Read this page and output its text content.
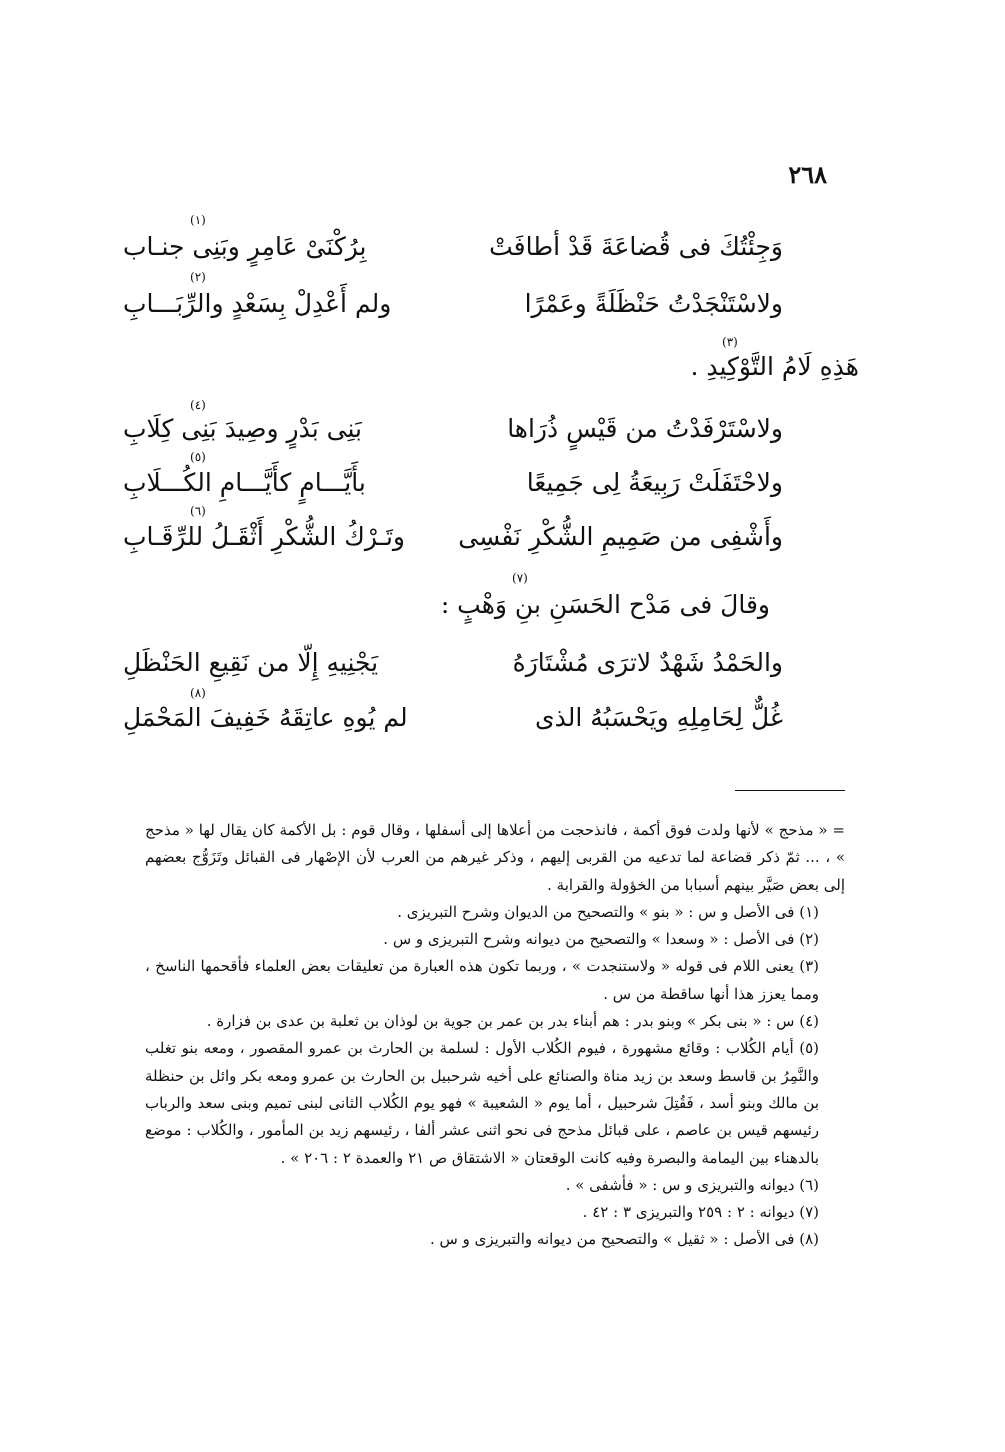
٢٦٨
(١)
وَجِئْتُكَ فى قُضاعَةَ قَدْ أطافَتْ
بِرُكْنَىْ عَامِرٍ وبَنِى جنـاب
(٢)
ولاسْتَنْجَدْتُ حَنْظَلَةً وعَمْرًا
ولم أَعْدِلْ بِسَعْدٍ والرِّبَـــابِ
(٣)
هَذِهِ لَامُ التَّوْكِيدِ .
(٤)
ولاسْتَرْفَدْتُ من قَيْسٍ ذُرَاها
بَنِى بَدْرٍ وصِيدَ بَنِى كِلَابِ
(٥)
ولاحْتَفَلَتْ رَبِيعَةُ لِى جَمِيعًا
بأَيَّـــامٍ كأَيَّـــامِ الكُـــلَابِ
(٦)
وأَشْفِى من صَمِيمِ الشُّكْرِ نَفْسِى
وتَـرْكُ الشُّكْرِ أَثْقَـلُ للرِّقَـابِ
(٧)
وقالَ فى مَدْح الحَسَنِ بنِ وَهْبٍ :
والحَمْدُ شَهْدٌ لاترَى مُشْتَارَهُ
يَجْنِيهِ إِلّا من نَقِيعِ الحَنْظَلِ
(٨)
غُلٌّ لِحَامِلِهِ ويَحْسَبُهُ الذى
لم يُوهِ عاتِقَهُ خَفِيفَ المَحْمَلِ

= « مذحج » لأنها ولدت فوق أكمة ، فانذحجت من أعلاها إلى أسفلها ، وقال قوم : بل الأكمة كان يقال لها « مذحج » ، ... ثمّ ذكر قضاعة لما تدعيه من القربى إليهم ، وذكر غيرهم من العرب لأن الإصْهار فى القبائل وتَزَوُّج بعضهم إلى بعض صَيَّر بينهم أسبابا من الخؤولة والقرابة .

(١) فى الأصل و س : « بنو » والتصحيح من الديوان وشرح التبريزى .

(٢) فى الأصل : « وسعدا » والتصحيح من ديوانه وشرح التبريزى و س .

(٣) يعنى اللام فى قوله « ولاستنجدت » ، وربما تكون هذه العبارة من تعليقات بعض العلماء فأقحمها الناسخ ، ومما يعزز هذا أنها ساقطة من س .

(٤) س : « بنى بكر » وبنو بدر : هم أبناء بدر بن عمر بن جوية بن لوذان بن ثعلبة بن عدى بن فزارة .

(٥) أيام الكُلاب : وقائع مشهورة ، فيوم الكُلاب الأول : لسلمة بن الحارث بن عمرو المقصور ، ومعه بنو تغلب والنَّمِرُ بن قاسط وسعد بن زيد مناة والصنائع على أخيه شرحبيل بن الحارث بن عمرو ومعه بكر وائل بن حنظلة بن مالك وبنو أسد ، فَقُتِلَ شرحبيل ، أما يوم « الشعيبة » فهو يوم الكُلاب الثانى لبنى تميم وبنى سعد والرباب رئيسهم قيس بن عاصم ، على قبائل مذحج فى نحو اثنى عشر ألفا ، رئيسهم زيد بن المأمور ، والكُلاب : موضع بالدهناء بين اليمامة والبصرة وفيه كانت الوقعتان « الاشتقاق ص ٢١ والعمدة ٢ : ٢٠٦ » .

(٦) ديوانه والتبريزى و س : « فأشفى » .

(٧) ديوانه : ٢ : ٢٥٩ والتبريزى ٣ : ٤٢ .

(٨) فى الأصل : « ثقيل » والتصحيح من ديوانه والتبريزى و س .
